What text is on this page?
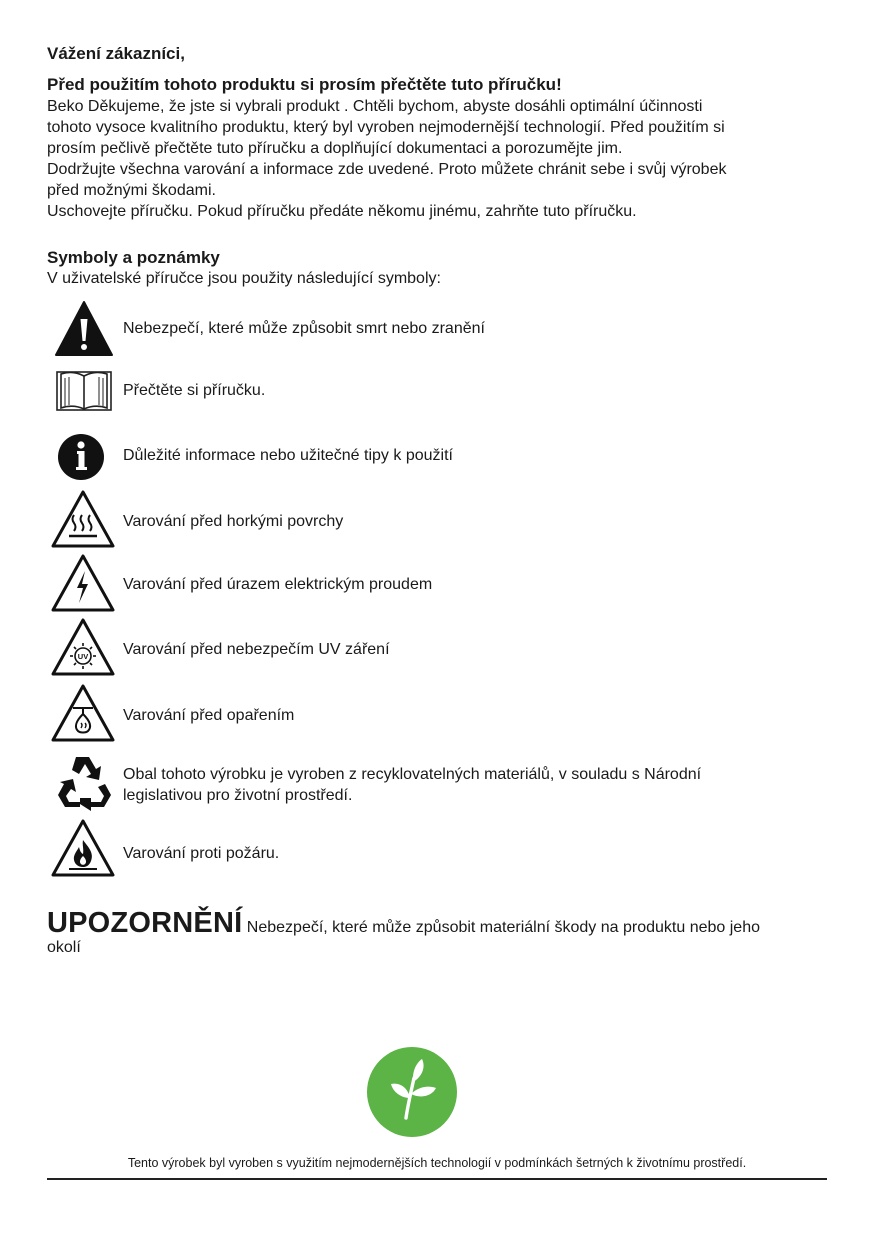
Vážení zákazníci,
Před použitím tohoto produktu si prosím přečtěte tuto příručku!

Beko Děkujeme, že jste si vybrali produkt . Chtěli bychom, abyste dosáhli optimální účinnosti
tohoto vysoce kvalitního produktu, který byl vyroben nejmodernější technologií. Před použitím si
prosím pečlivě přečtěte tuto příručku a doplňující dokumentaci a porozumějte jim.
Dodržujte všechna varování a informace zde uvedené. Proto můžete chránit sebe i svůj výrobek
před možnými škodami.
Uschovejte příručku. Pokud příručku předáte někomu jinému, zahrňte tuto příručku.

Symboly a poznámky

V uživatelské příručce jsou použity následující symboly:

Nebezpečí, které může způsobit smrt nebo zranění
Přečtěte si příručku.
Důležité informace nebo užitečné tipy k použití
Varování před horkými povrchy
Varování před úrazem elektrickým proudem
UV Varování před nebezpečím UV záření
Varování před opařením
Obal tohoto výrobku je vyroben z recyklovatelných materiálů, v souladu s Národní
legislativou pro životní prostředí.
Varování proti požáru.
UPOZORNĚNÍ Nebezpečí, které může způsobit materiální škody na produktu nebo jeho
okolí
Tento výrobek byl vyroben s využitím nejmodernějších technologií v podmínkách šetrných k životnímu prostředí.
